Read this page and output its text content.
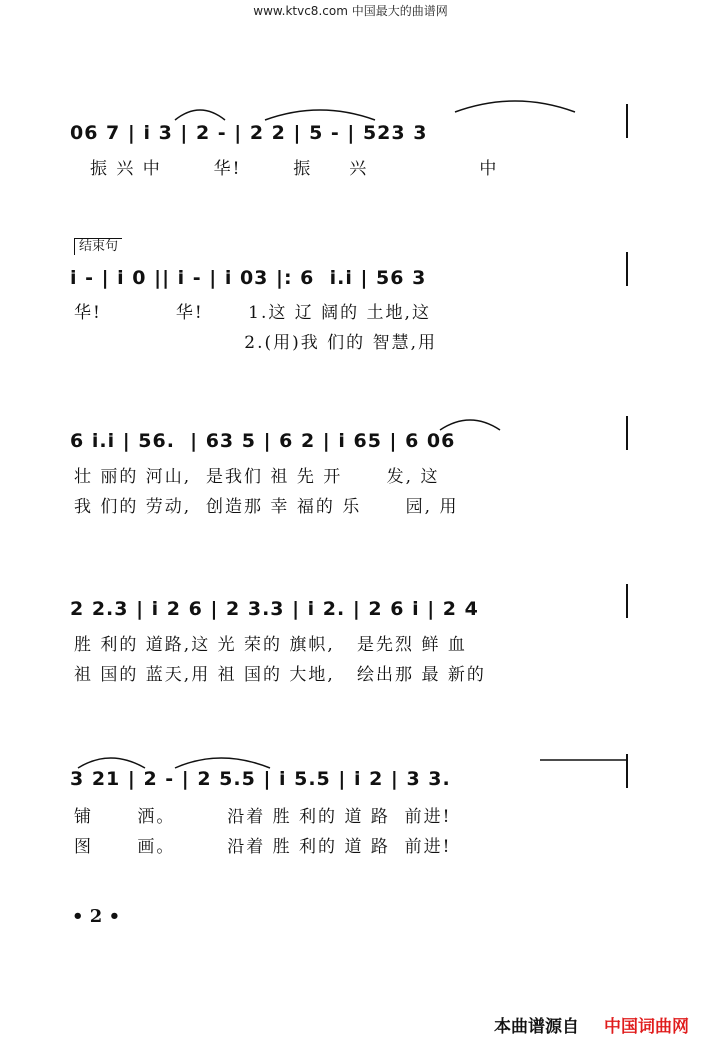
www.ktvc8.com 中国最大的曲谱网
06 7 | i 3 | 2 - | 2 2 | 5 - | 523 3
振 兴 中       华!       振     兴               中
结束句
i - | i 0 || i - | i 03 |: 6  i.i | 56 3
华!          华!      1.这 辽 阔的 土地,这
2.(用)我 们的 智慧,用
6 i.i | 56.  | 63 5 | 6 2 | i 65 | 6 06
壮 丽的 河山,  是我们 祖 先 开      发, 这
我 们的 劳动,  创造那 幸 福的 乐      园, 用
2 2.3 | i 2 6 | 2 3.3 | i 2. | 2 6 i | 2 4
胜 利的 道路,这 光 荣的 旗帜,   是先烈 鲜 血
祖 国的 蓝天,用 祖 国的 大地,   绘出那 最 新的
3 21 | 2 - | 2 5.5 | i 5.5 | i 2 | 3 3.
铺      洒。       沿着 胜 利的 道 路  前进!
图      画。       沿着 胜 利的 道 路  前进!
• 2 •
本曲谱源自 中国词曲网
